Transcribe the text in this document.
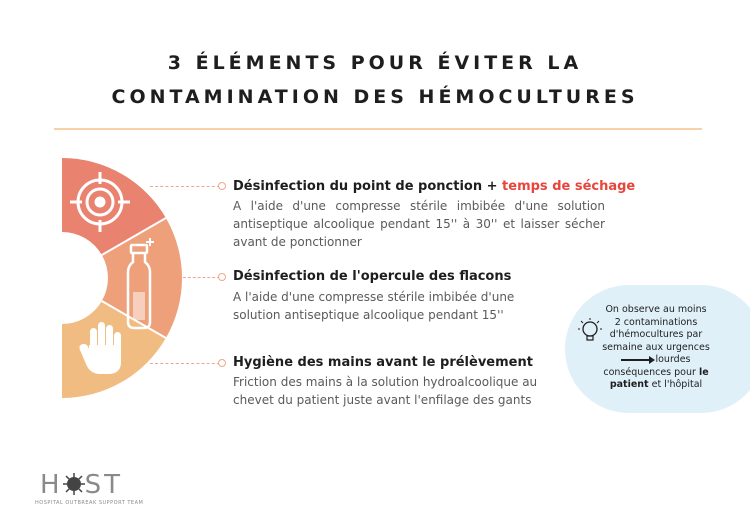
3 ÉLÉMENTS POUR ÉVITER LA
CONTAMINATION DES HÉMOCULTURES
Désinfection du point de ponction + temps de séchage
A l'aide d'une compresse stérile imbibée d'une solution antiseptique alcoolique pendant 15'' à 30'' et laisser sécher avant de ponctionner
Désinfection de l'opercule des flacons
A l'aide d'une compresse stérile imbibée d'une solution antiseptique alcoolique pendant 15''
Hygiène des mains avant le prélèvement
Friction des mains à la solution hydroalcoolique au chevet du patient juste avant l'enfilage des gants
On observe au moins
2 contaminations
d'hémocultures par
semaine aux urgences
lourdes
conséquences pour le
patient et l'hôpital
H ST
HOSPITAL OUTBREAK SUPPORT TEAM
